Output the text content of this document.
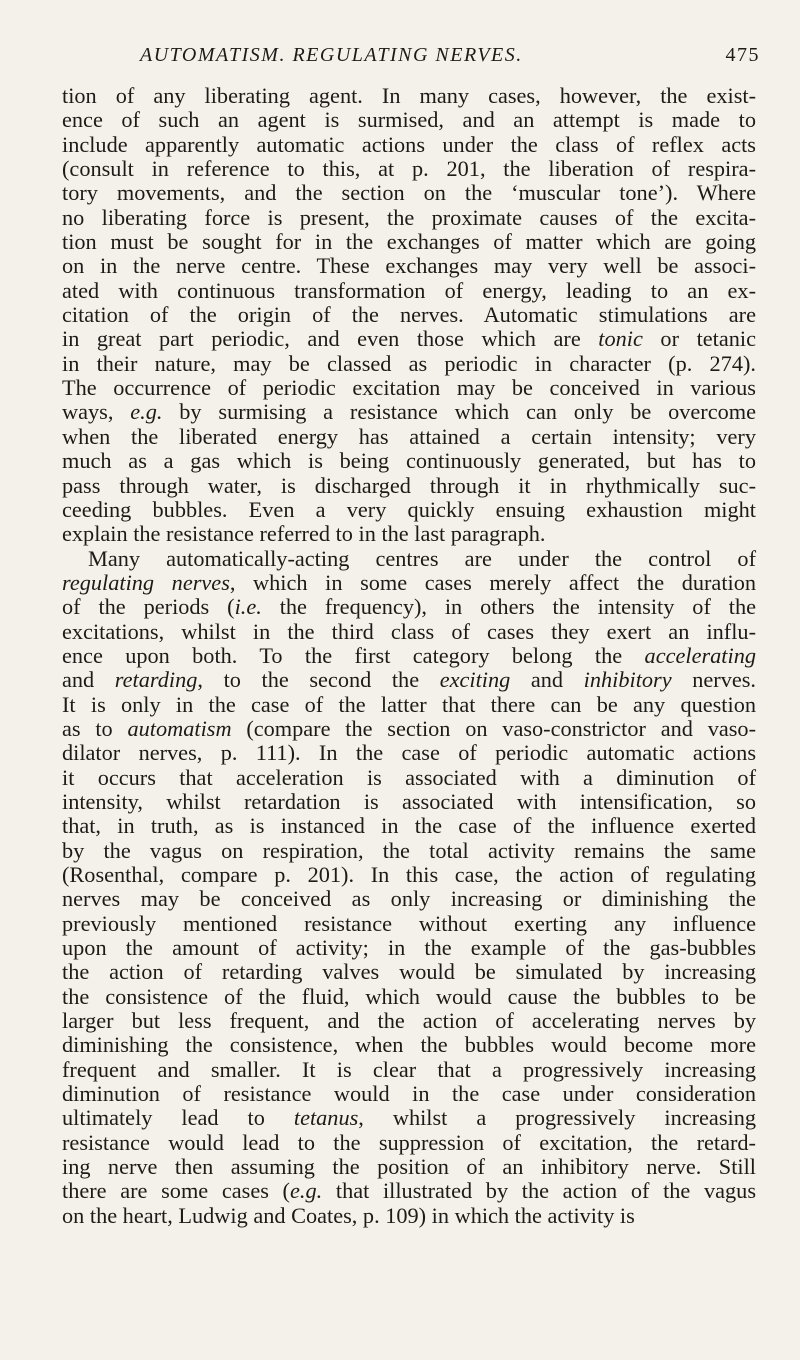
AUTOMATISM. REGULATING NERVES.	475
tion of any liberating agent. In many cases, however, the exist-
ence of such an agent is surmised, and an attempt is made to
include apparently automatic actions under the class of reflex acts
(consult in reference to this, at p. 201, the liberation of respira-
tory movements, and the section on the ‘muscular tone’). Where
no liberating force is present, the proximate causes of the excita-
tion must be sought for in the exchanges of matter which are going
on in the nerve centre. These exchanges may very well be associ-
ated with continuous transformation of energy, leading to an ex-
citation of the origin of the nerves. Automatic stimulations are
in great part periodic, and even those which are tonic or tetanic
in their nature, may be classed as periodic in character (p. 274).
The occurrence of periodic excitation may be conceived in various
ways, e.g. by surmising a resistance which can only be overcome
when the liberated energy has attained a certain intensity; very
much as a gas which is being continuously generated, but has to
pass through water, is discharged through it in rhythmically suc-
ceeding bubbles. Even a very quickly ensuing exhaustion might
explain the resistance referred to in the last paragraph.
Many automatically-acting centres are under the control of
regulating nerves, which in some cases merely affect the duration
of the periods (i.e. the frequency), in others the intensity of the
excitations, whilst in the third class of cases they exert an influ-
ence upon both. To the first category belong the accelerating
and retarding, to the second the exciting and inhibitory nerves.
It is only in the case of the latter that there can be any question
as to automatism (compare the section on vaso-constrictor and vaso-
dilator nerves, p. 111). In the case of periodic automatic actions
it occurs that acceleration is associated with a diminution of
intensity, whilst retardation is associated with intensification, so
that, in truth, as is instanced in the case of the influence exerted
by the vagus on respiration, the total activity remains the same
(Rosenthal, compare p. 201). In this case, the action of regulating
nerves may be conceived as only increasing or diminishing the
previously mentioned resistance without exerting any influence
upon the amount of activity; in the example of the gas-bubbles
the action of retarding valves would be simulated by increasing
the consistence of the fluid, which would cause the bubbles to be
larger but less frequent, and the action of accelerating nerves by
diminishing the consistence, when the bubbles would become more
frequent and smaller. It is clear that a progressively increasing
diminution of resistance would in the case under consideration
ultimately lead to tetanus, whilst a progressively increasing
resistance would lead to the suppression of excitation, the retard-
ing nerve then assuming the position of an inhibitory nerve. Still
there are some cases (e.g. that illustrated by the action of the vagus
on the heart, Ludwig and Coates, p. 109) in which the activity is
